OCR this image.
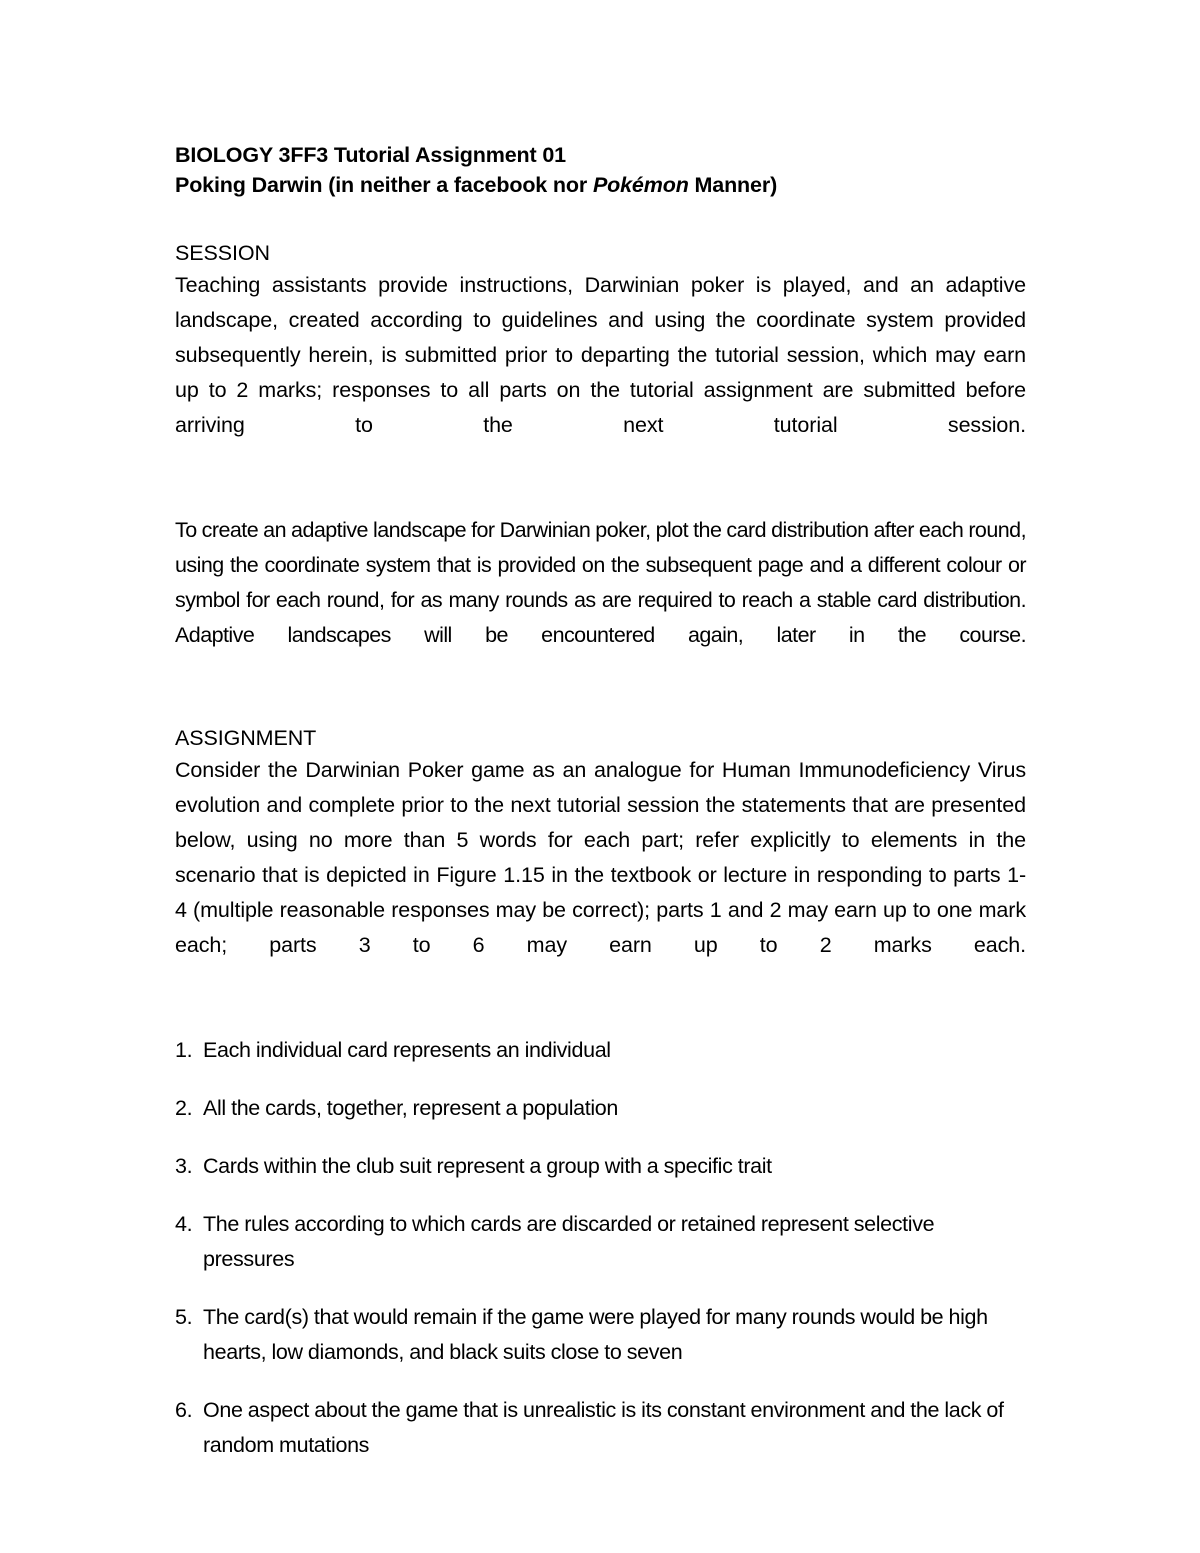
BIOLOGY 3FF3 Tutorial Assignment 01
Poking Darwin (in neither a facebook nor Pokémon Manner)
SESSION

Teaching assistants provide instructions, Darwinian poker is played, and an adaptive landscape, created according to guidelines and using the coordinate system provided subsequently herein, is submitted prior to departing the tutorial session, which may earn up to 2 marks; responses to all parts on the tutorial assignment are submitted before arriving to the next tutorial session.

To create an adaptive landscape for Darwinian poker, plot the card distribution after each round, using the coordinate system that is provided on the subsequent page and a different colour or symbol for each round, for as many rounds as are required to reach a stable card distribution. Adaptive landscapes will be encountered again, later in the course.

ASSIGNMENT

Consider the Darwinian Poker game as an analogue for Human Immunodeficiency Virus evolution and complete prior to the next tutorial session the statements that are presented below, using no more than 5 words for each part; refer explicitly to elements in the scenario that is depicted in Figure 1.15 in the textbook or lecture in responding to parts 1-4 (multiple reasonable responses may be correct); parts 1 and 2 may earn up to one mark each; parts 3 to 6 may earn up to 2 marks each.

1. Each individual card represents an individual
2. All the cards, together, represent a population
3. Cards within the club suit represent a group with a specific trait
4. The rules according to which cards are discarded or retained represent selective pressures
5. The card(s) that would remain if the game were played for many rounds would be high hearts, low diamonds, and black suits close to seven
6. One aspect about the game that is unrealistic is its constant environment and the lack of random mutations
